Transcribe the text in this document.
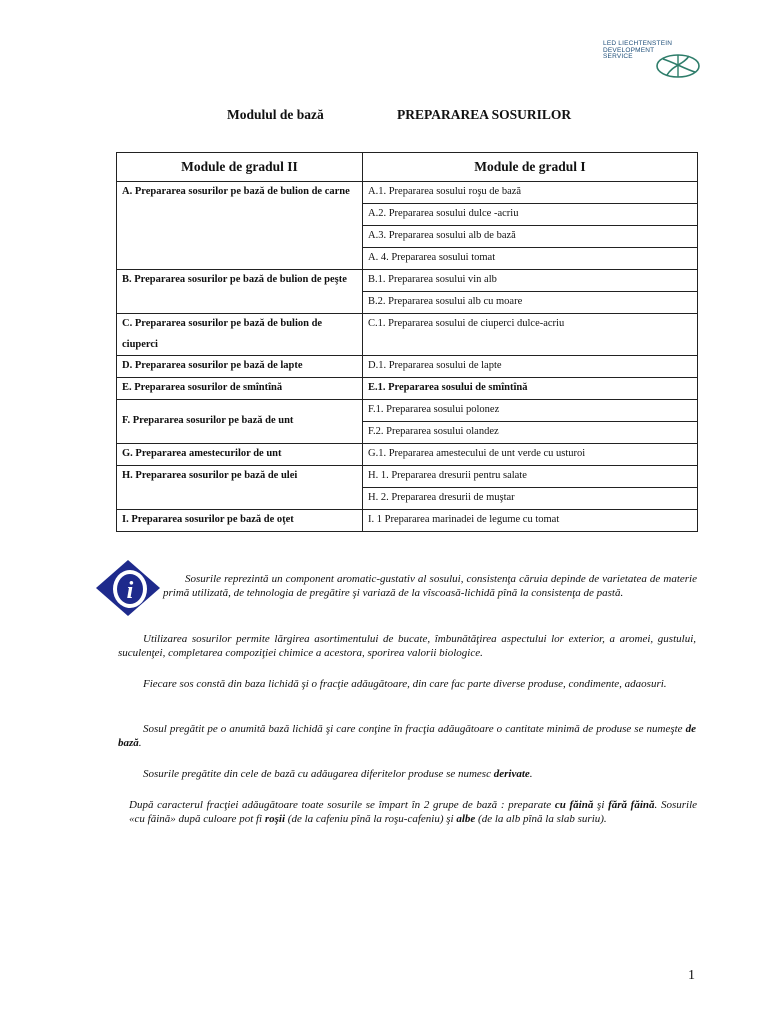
LED LIECHTENSTEIN
DEVELOPMENT
SERVICE
Modulul de bază	PREPARAREA SOSURILOR
Module de gradul II	Module de gradul I
A. Prepararea sosurilor pe bază de bulion de carne	A.1. Prepararea sosului roşu de bază
	A.2. Prepararea sosului dulce -acriu
	A.3. Prepararea sosului alb de bază
	A. 4. Prepararea sosului tomat
B. Prepararea sosurilor pe bază de bulion de peşte	B.1. Prepararea sosului vin alb
	B.2. Prepararea sosului alb cu moare
C. Prepararea sosurilor pe bază de bulion de ciuperci	C.1. Prepararea sosului de ciuperci dulce-acriu
D. Prepararea sosurilor pe bază de lapte	D.1. Prepararea sosului de lapte
E. Prepararea sosurilor de smîntînă	E.1. Prepararea sosului de smîntînă
F. Prepararea sosurilor pe bază de unt	F.1. Prepararea sosului polonez
	F.2. Prepararea sosului olandez
G. Prepararea amestecurilor de unt	G.1. Prepararea amestecului de unt verde cu usturoi
H. Prepararea sosurilor pe bază de ulei	H. 1. Prepararea dresurii pentru salate
	H. 2. Prepararea dresurii de muştar
I. Prepararea sosurilor pe bază de oţet	I. 1 Prepararea marinadei de legume cu tomat
i	Sosurile reprezintă un component aromatic-gustativ al sosului, consistenţa căruia depinde de varietatea de materie primă utilizată, de tehnologia de pregătire şi variază de la vîscoasă-lichidă pînă la consistenţa de pastă.
Utilizarea sosurilor permite lărgirea asortimentului de bucate, îmbunătăţirea aspectului lor exterior, a aromei, gustului, suculenţei, completarea compoziţiei chimice a acestora, sporirea valorii biologice.
Fiecare sos constă din baza lichidă şi o fracţie adăugătoare, din care fac parte diverse produse, condimente, adaosuri.
Sosul pregătit pe o anumită bază lichidă şi care conţine în fracţia adăugătoare o cantitate minimă de produse se numeşte de bază.
Sosurile pregătite din cele de bază cu adăugarea diferitelor produse se numesc derivate.
După caracterul fracţiei adăugătoare toate sosurile se împart în 2 grupe de bază : preparate cu făină şi fără făină. Sosurile «cu făină» după culoare pot fi roşii (de la cafeniu pînă la roşu-cafeniu) şi albe (de la alb pînă la slab suriu).
1
